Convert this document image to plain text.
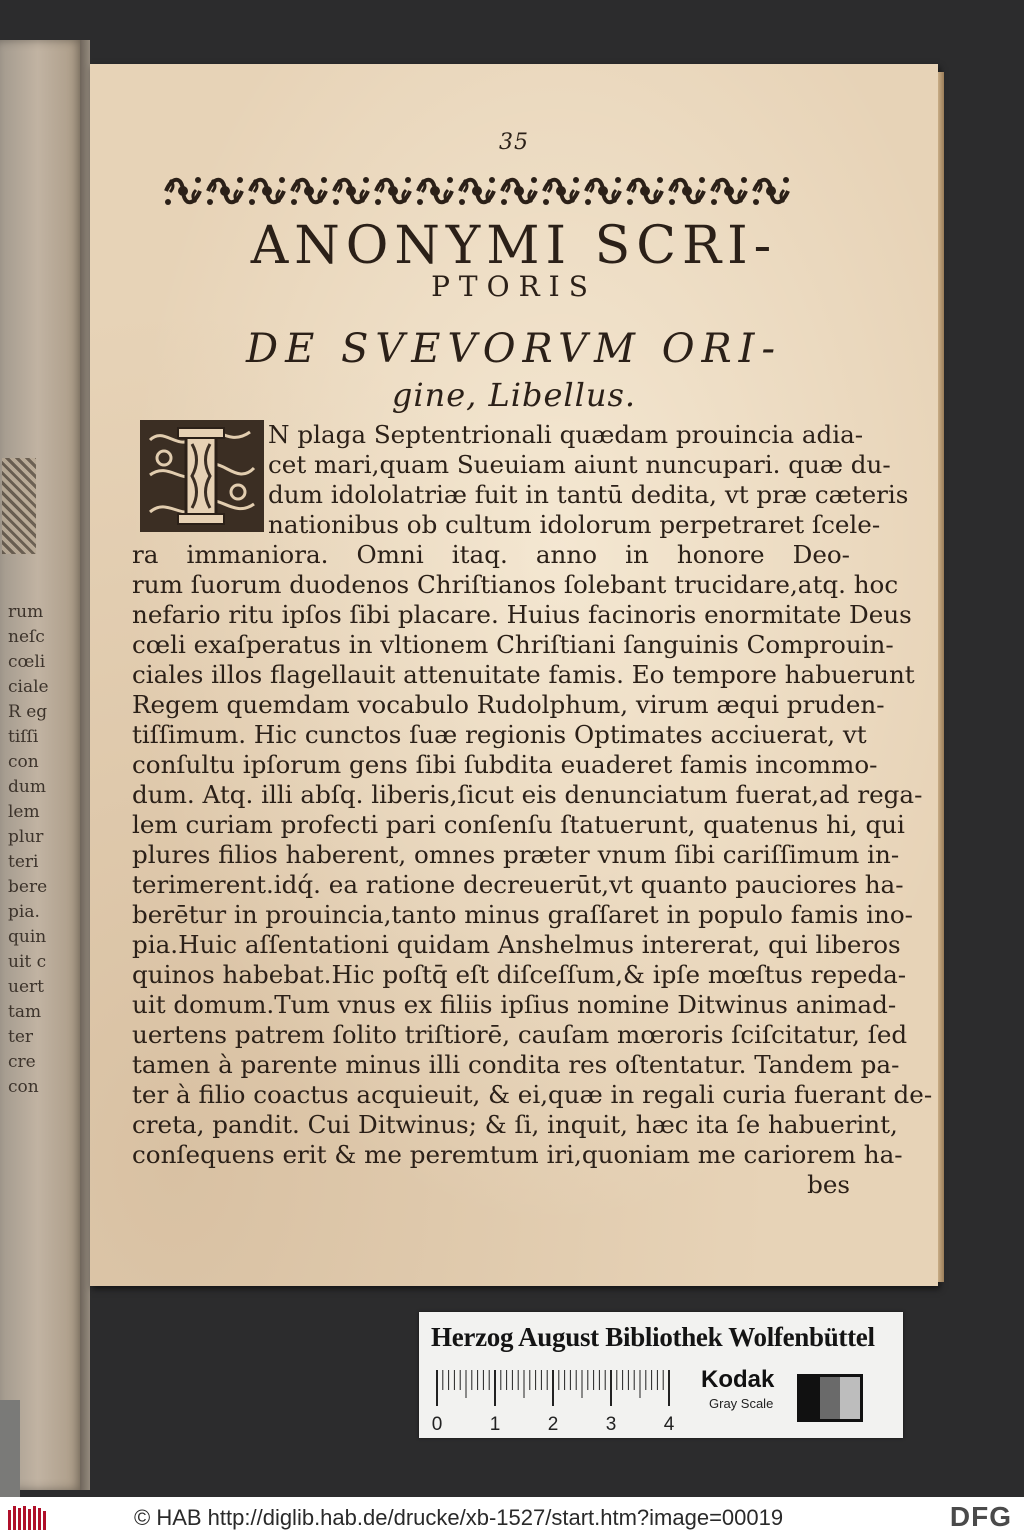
rum
neſc
cœli
ciale
R eg
tiſſi
con
dum
lem
plur
teri
bere
pia.
quin
uit c
uert
tam
ter
cre
con
35
ANONYMI SCRI-
PTORIS
DE SVEVORVM ORI-
gine, Libellus.
N plaga Septentrionali quædam prouincia adia-
cet mari,quam Sueuiam aiunt nuncupari. quæ du-
dum idololatriæ fuit in tantū dedita, vt præ cæteris
nationibus ob cultum idolorum perpetraret ſcele-
ra immaniora. Omni itaq. anno in honore Deo-
rum ſuorum duodenos Chriſtianos ſolebant trucidare,atq. hoc
nefario ritu ipſos ſibi placare. Huius facinoris enormitate Deus
cœli exaſperatus in vltionem Chriſtiani ſanguinis Comprouin-
ciales illos flagellauit attenuitate famis. Eo tempore habuerunt
Regem quemdam vocabulo Rudolphum, virum æqui pruden-
tiſſimum. Hic cunctos ſuæ regionis Optimates acciuerat, vt
conſultu ipſorum gens ſibi ſubdita euaderet famis incommo-
dum. Atq. illi abſq. liberis,ſicut eis denunciatum fuerat,ad rega-
lem curiam profecti pari conſenſu ſtatuerunt, quatenus hi, qui
plures filios haberent, omnes præter vnum ſibi cariſſimum in-
terimerent.idq́. ea ratione decreuerūt,vt quanto pauciores ha-
berētur in prouincia,tanto minus graſſaret in populo famis ino-
pia.Huic aſſentationi quidam Anshelmus intererat, qui liberos
quinos habebat.Hic poſtq̄ eſt diſceſſum,& ipſe mœſtus repeda-
uit domum.Tum vnus ex filiis ipſius nomine Ditwinus animad-
uertens patrem ſolito triſtiorē, cauſam mœroris ſciſcitatur, ſed
tamen à parente minus illi condita res oſtentatur. Tandem pa-
ter à filio coactus acquieuit, & ei,quæ in regali curia fuerant de-
creta, pandit. Cui Ditwinus; & ſi, inquit, hæc ita ſe habuerint,
conſequens erit & me peremtum iri,quoniam me cariorem ha-
bes
Herzog August Bibliothek Wolfenbüttel
0 1 2 3 4
Kodak
Gray Scale
© HAB http://diglib.hab.de/drucke/xb-1527/start.htm?image=00019	DFG
